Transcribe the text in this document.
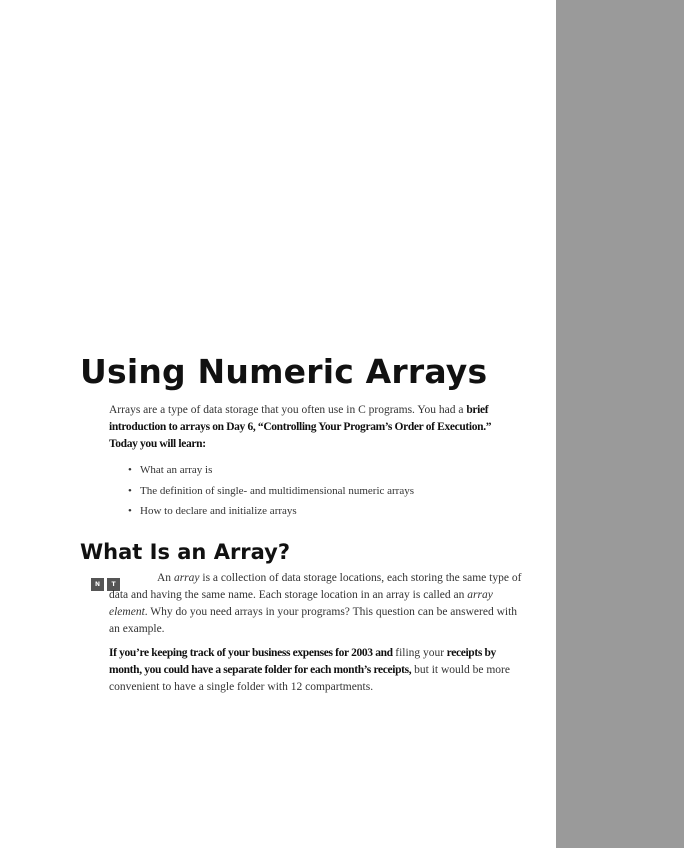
Using Numeric Arrays
Arrays are a type of data storage that you often use in C programs. You had a brief introduction to arrays on Day 6, “Controlling Your Program’s Order of Execution.” Today you will learn:
• What an array is
• The definition of single- and multidimensional numeric arrays
• How to declare and initialize arrays
What Is an Array?
N	T
An array is a collection of data storage locations, each storing the same type of data and having the same name. Each storage location in an array is called an array element. Why do you need arrays in your programs? This question can be answered with an example.
If you’re keeping track of your business expenses for 2003 and filing your receipts by month, you could have a separate folder for each month’s receipts, but it would be more convenient to have a single folder with 12 compartments.
